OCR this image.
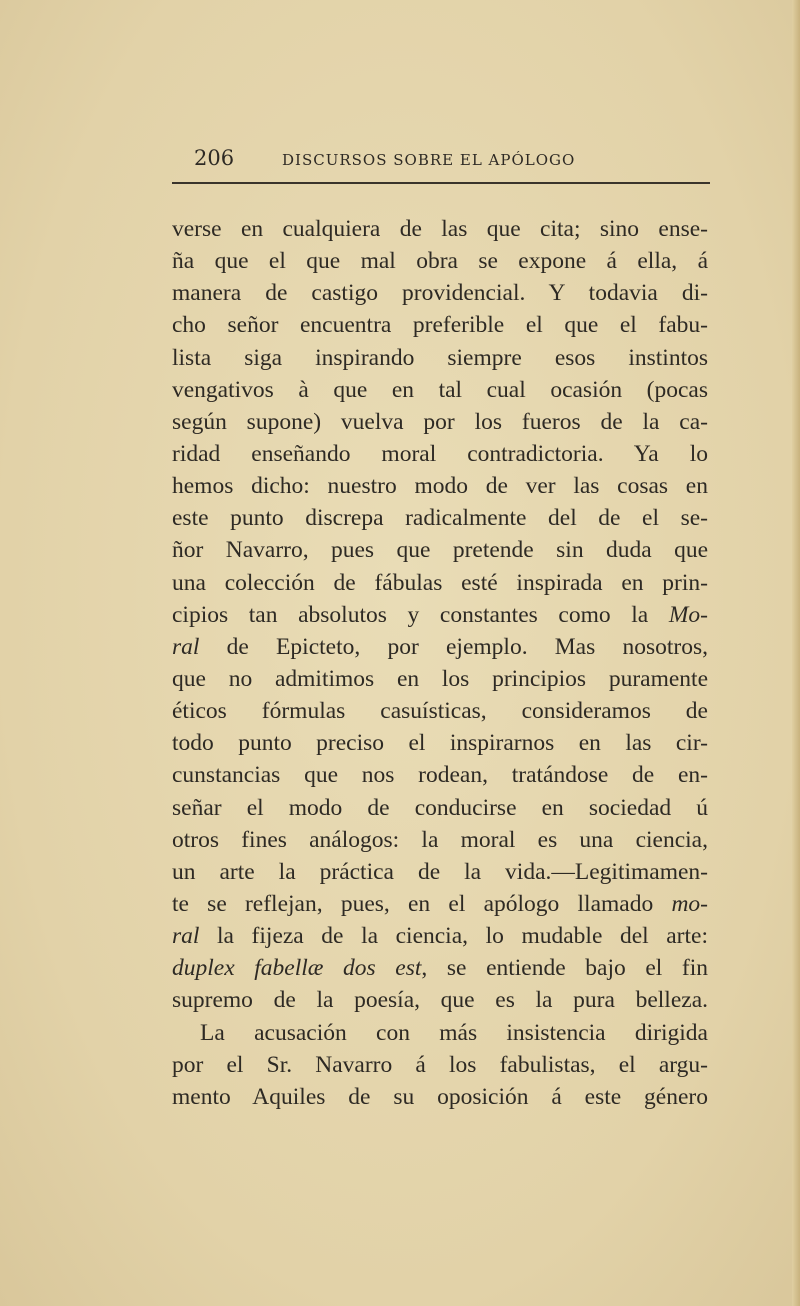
206	DISCURSOS SOBRE EL APÓLOGO
verse en cualquiera de las que cita; sino ense-
ña que el que mal obra se expone á ella, á
manera de castigo providencial. Y todavia di-
cho señor encuentra preferible el que el fabu-
lista siga inspirando siempre esos instintos
vengativos à que en tal cual ocasión (pocas
según supone) vuelva por los fueros de la ca-
ridad enseñando moral contradictoria. Ya lo
hemos dicho: nuestro modo de ver las cosas en
este punto discrepa radicalmente del de el se-
ñor Navarro, pues que pretende sin duda que
una colección de fábulas esté inspirada en prin-
cipios tan absolutos y constantes como la Mo-
ral de Epicteto, por ejemplo. Mas nosotros,
que no admitimos en los principios puramente
éticos fórmulas casuísticas, consideramos de
todo punto preciso el inspirarnos en las cir-
cunstancias que nos rodean, tratándose de en-
señar el modo de conducirse en sociedad ú
otros fines análogos: la moral es una ciencia,
un arte la práctica de la vida.—Legitimamen-
te se reflejan, pues, en el apólogo llamado mo-
ral la fijeza de la ciencia, lo mudable del arte:
duplex fabellæ dos est, se entiende bajo el fin
supremo de la poesía, que es la pura belleza.
La acusación con más insistencia dirigida
por el Sr. Navarro á los fabulistas, el argu-
mento Aquiles de su oposición á este género
